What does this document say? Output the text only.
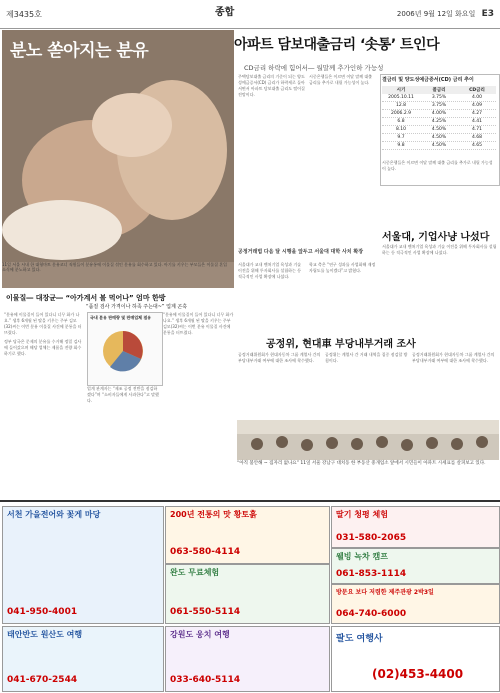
제3435호	종합	2006년 9월 12일 화요일 E3
분노 쏟아지는 분유
11일 서울 시내 한 대형마트 분유코너 직원들이 분유통에 이물질 섞인 분유를 회수하고 있다. 아기를 키우는 부모들은 이물질 혼입 소식에 분노하고 있다.
이물질― 대장균― “아가계서 볼 먹어나” 엄마 한방
“품질 검사 가격이나 하족 주는대~” 업계 곤혹

“분유에 이물질이 들어 있다니 너무 화가 나요.” 생후 6개월 된 딸을 키우는 주부 김모(32)씨는 이번 분유 이물질 사건에 분통을 터뜨렸다.

정부 당국은 문제의 분유를 수거해 정밀 검사에 들어갔으며 해당 업체는 제품을 전량 회수하기로 했다.

국내 분유 판매량 및 판매업체 점유

업계 관계자는 “제조 공정 전반을 점검하겠다”며 “소비자들에게 사과한다”고 말했다.

“분유에 이물질이 들어 있다니 너무 화가 나요.” 생후 6개월 된 딸을 키우는 주부 김모(32)씨는 이번 분유 이물질 사건에 분통을 터뜨렸다.

아파트 담보대출금리 ‘솟통’ 트인다
CD금리 하락에 힘어서― 월말께 추가인하 가능성

주택담보대출 금리의 기준이 되는 양도성예금증서(CD) 금리가 하락세로 돌아서면서 아파트 담보대출 금리도 떨어질 전망이다.

시중은행들은 이르면 이달 말께 대출 금리를 추가로 내릴 가능성이 높다.	결금리 및 양도성예금증서(CD) 금리 추이
시기	콜금리	CD금리
2005.10.11	3.75%	4.00
12.8	3.75%	4.09
2006.2.9	4.00%	4.27
6.8	4.25%	4.41
8.10	4.50%	4.71
9.7	4.50%	4.68
9.8	4.50%	4.65

시중은행들은 이르면 이달 말께 대출 금리를 추가로 내릴 가능성이 높다.

서울대, 기업사냥 나섰다
공정거래법 다음 달 시행을 앞두고 서울대 대학 사치 확장

서울대가 교내 벤처기업 육성과 기술 이전을 위해 투자회사를 설립하는 등 적극적인 사업 확장에 나섰다.

학교 측은 “연구 성과를 사업화해 재정 자립도를 높이겠다”고 밝혔다.

서울대가 교내 벤처기업 육성과 기술 이전을 위해 투자회사를 설립하는 등 적극적인 사업 확장에 나섰다.

공정위, 현대車 부당내부거래 조사

공정거래위원회가 현대자동차 그룹 계열사 간의 부당내부거래 여부에 대한 조사에 착수했다.

공정위는 계열사 간 거래 내역을 집중 점검할 방침이다.

공정거래위원회가 현대자동차 그룹 계열사 간의 부당내부거래 여부에 대한 조사에 착수했다.

“아직 불안해 ~ 집자리 없나요” 11일 서울 강남구 대치동 한 부동산 중개업소 앞에서 시민들이 아파트 시세표를 살펴보고 있다.
서천 가을전어와 꽃게 마당
041-950-4001
200년 전통의 맛 황토흙
063-580-4114
완도 무료체험
061-550-5114
딸기 청평 체험
031-580-2065
웰빙 녹차 캠프
061-853-1114
방문요 보다 저렴한 제주관광 2박3일
064-740-6000
태안반도 원산도 여행
041-670-2544
강원도 웅치 여행
033-640-5114
팔도 여행사
(02)453-4400
